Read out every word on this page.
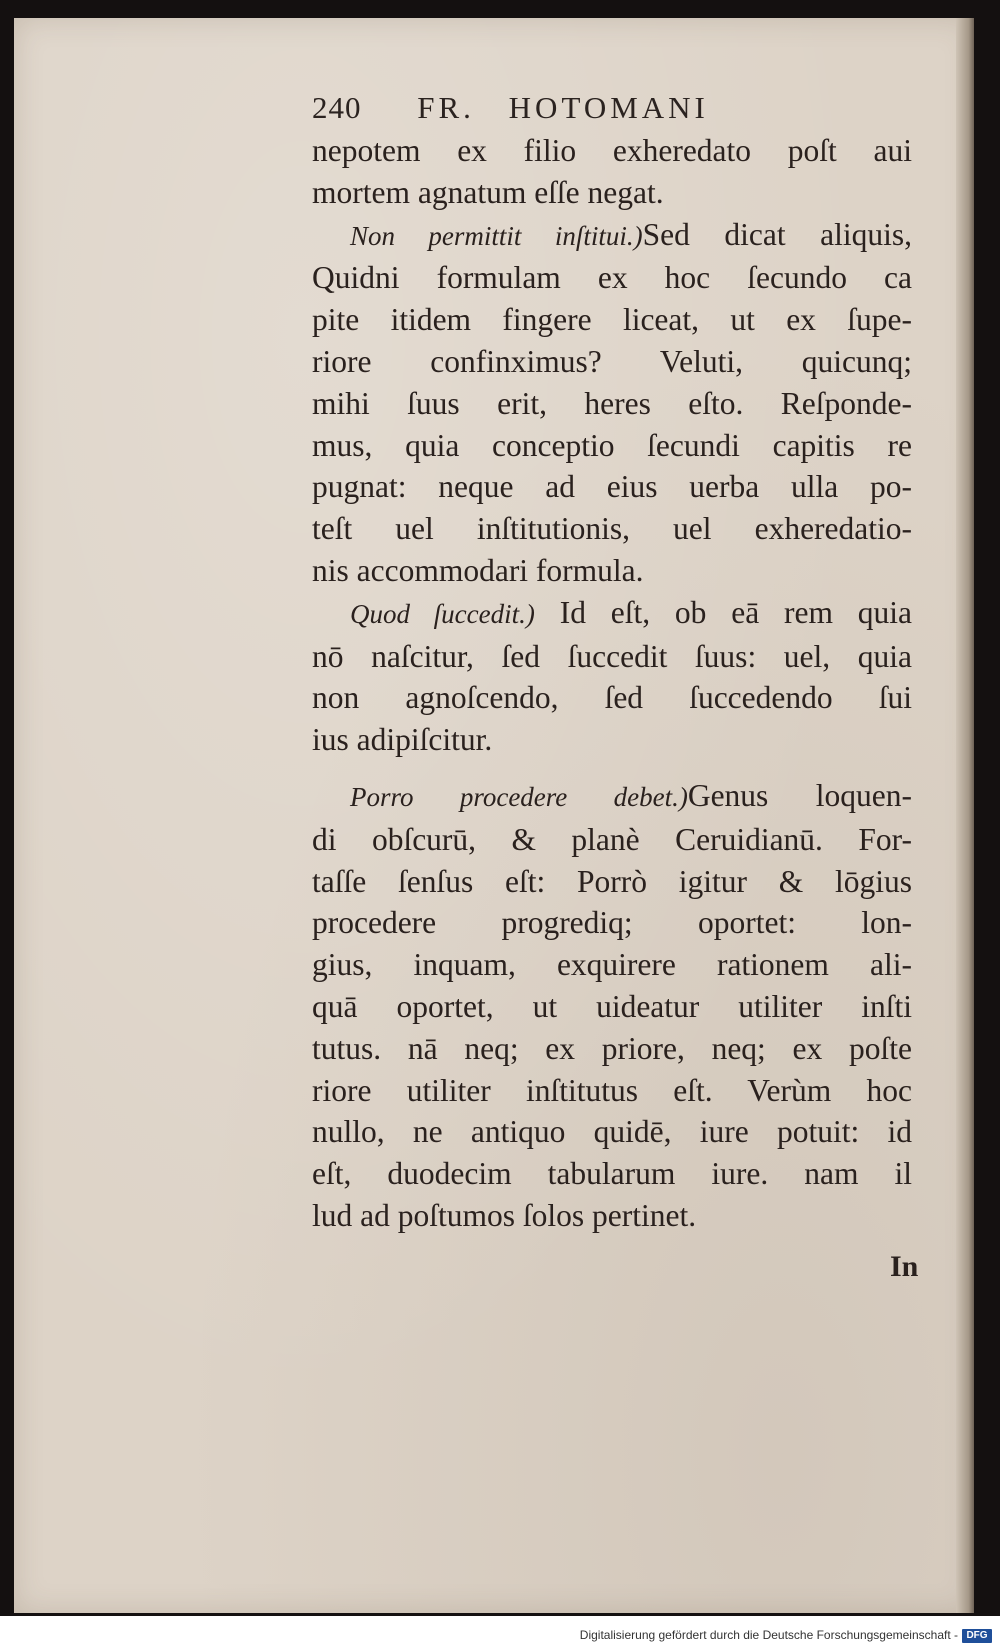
240 FR. HOTOMANI
nepotem ex filio exheredato poſt aui
mortem agnatum eſſe negat.
Non permittit inſtitui.)Sed dicat aliquis,
Quidni formulam ex hoc ſecundo ca
pite itidem fingere liceat, ut ex ſupe-
riore confinximus? Veluti, quicunq;
mihi ſuus erit, heres eſto. Reſponde-
mus, quia conceptio ſecundi capitis re
pugnat: neque ad eius uerba ulla po-
teſt uel inſtitutionis, uel exheredatio-
nis accommodari formula.
Quod ſuccedit.) Id eſt, ob eā rem quia
nō naſcitur, ſed ſuccedit ſuus: uel, quia
non agnoſcendo, ſed ſuccedendo ſui
ius adipiſcitur.
Porro procedere debet.)Genus loquen-
di obſcurū, & planè Ceruidianū. For-
taſſe ſenſus eſt: Porrò igitur & lōgius
procedere progrediq; oportet: lon-
gius, inquam, exquirere rationem ali-
quā oportet, ut uideatur utiliter inſti
tutus. nā neq; ex priore, neq; ex poſte
riore utiliter inſtitutus eſt. Verùm hoc
nullo, ne antiquo quidē, iure potuit: id
eſt, duodecim tabularum iure. nam il
lud ad poſtumos ſolos pertinet.
In
Digitalisierung gefördert durch die Deutsche Forschungsgemeinschaft - DFG
